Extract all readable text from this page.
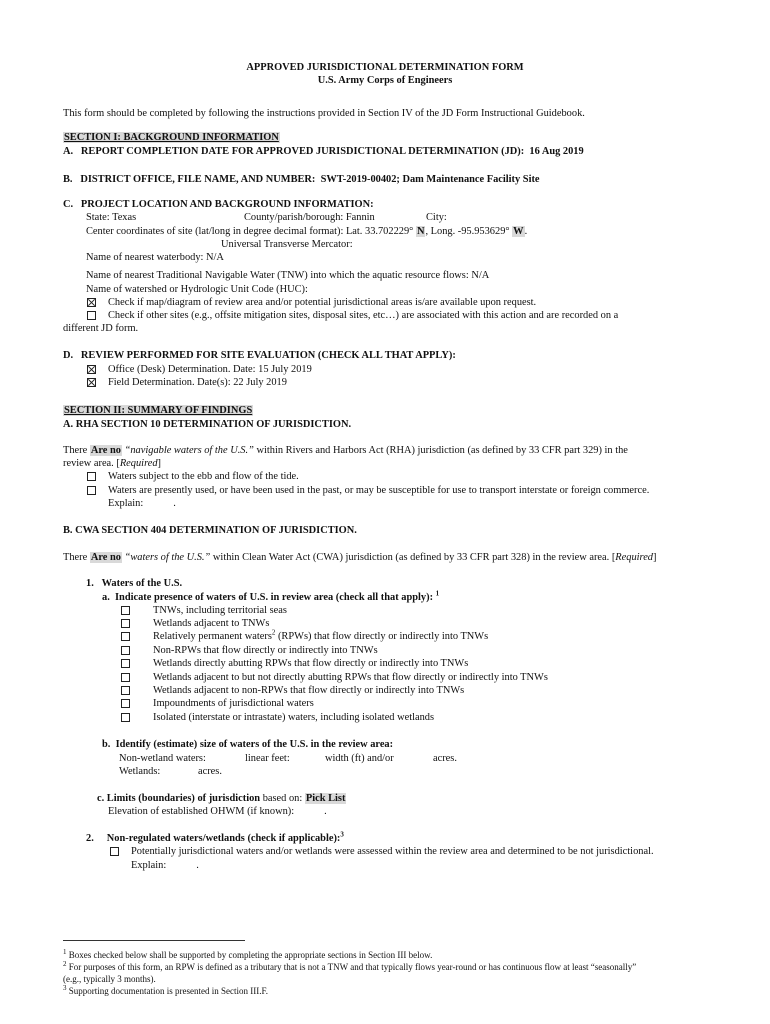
APPROVED JURISDICTIONAL DETERMINATION FORM
U.S. Army Corps of Engineers
This form should be completed by following the instructions provided in Section IV of the JD Form Instructional Guidebook.
SECTION I: BACKGROUND INFORMATION
A. REPORT COMPLETION DATE FOR APPROVED JURISDICTIONAL DETERMINATION (JD): 16 Aug 2019
B. DISTRICT OFFICE, FILE NAME, AND NUMBER: SWT-2019-00402; Dam Maintenance Facility Site
C. PROJECT LOCATION AND BACKGROUND INFORMATION:
State: Texas	County/parish/borough: Fannin	City:
Center coordinates of site (lat/long in degree decimal format): Lat. 33.702229° N, Long. -95.953629° W.
Universal Transverse Mercator:
Name of nearest waterbody: N/A
Name of nearest Traditional Navigable Water (TNW) into which the aquatic resource flows: N/A
Name of watershed or Hydrologic Unit Code (HUC):
Check if map/diagram of review area and/or potential jurisdictional areas is/are available upon request.
Check if other sites (e.g., offsite mitigation sites, disposal sites, etc…) are associated with this action and are recorded on a
different JD form.
D. REVIEW PERFORMED FOR SITE EVALUATION (CHECK ALL THAT APPLY):
Office (Desk) Determination. Date: 15 July 2019
Field Determination. Date(s): 22 July 2019
SECTION II: SUMMARY OF FINDINGS
A. RHA SECTION 10 DETERMINATION OF JURISDICTION.
There Are no “navigable waters of the U.S.” within Rivers and Harbors Act (RHA) jurisdiction (as defined by 33 CFR part 329) in the
review area. [Required]
Waters subject to the ebb and flow of the tide.
Waters are presently used, or have been used in the past, or may be susceptible for use to transport interstate or foreign commerce.
Explain:	.
B. CWA SECTION 404 DETERMINATION OF JURISDICTION.
There Are no “waters of the U.S.” within Clean Water Act (CWA) jurisdiction (as defined by 33 CFR part 328) in the review area. [Required]
1. Waters of the U.S.
a. Indicate presence of waters of U.S. in review area (check all that apply): $^1$
TNWs, including territorial seas
Wetlands adjacent to TNWs
Relatively permanent waters$^2$ (RPWs) that flow directly or indirectly into TNWs
Non-RPWs that flow directly or indirectly into TNWs
Wetlands directly abutting RPWs that flow directly or indirectly into TNWs
Wetlands adjacent to but not directly abutting RPWs that flow directly or indirectly into TNWs
Wetlands adjacent to non-RPWs that flow directly or indirectly into TNWs
Impoundments of jurisdictional waters
Isolated (interstate or intrastate) waters, including isolated wetlands
b. Identify (estimate) size of waters of the U.S. in the review area:
Non-wetland waters:	linear feet:	width (ft) and/or	acres.
Wetlands:	acres.
c. Limits (boundaries) of jurisdiction based on: Pick List
Elevation of established OHWM (if known):	.
2. Non-regulated waters/wetlands (check if applicable):$^3$
Potentially jurisdictional waters and/or wetlands were assessed within the review area and determined to be not jurisdictional.
Explain:	.
$^1$ Boxes checked below shall be supported by completing the appropriate sections in Section III below.
$^2$ For purposes of this form, an RPW is defined as a tributary that is not a TNW and that typically flows year-round or has continuous flow at least “seasonally”
(e.g., typically 3 months).
$^3$ Supporting documentation is presented in Section III.F.
